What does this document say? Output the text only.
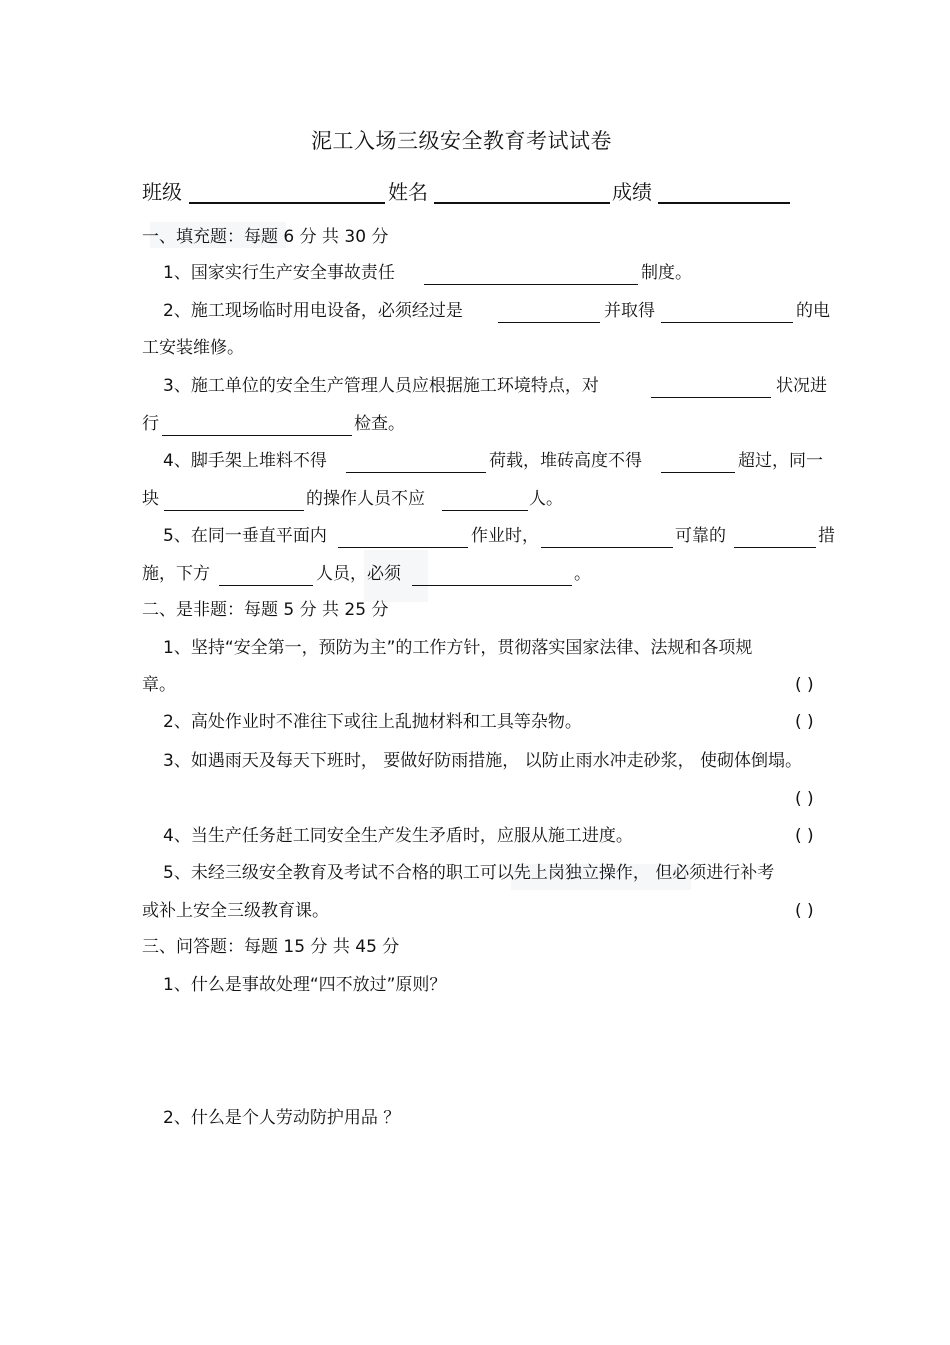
泥工入场三级安全教育考试试卷
班级	姓名	成绩
一、填充题：每题 6 分 共 30 分
1、国家实行生产安全事故责任	制度。
2、施工现场临时用电设备，必须经过是	并取得	的电
工安装维修。
3、施工单位的安全生产管理人员应根据施工环境特点，对	状况进
行	检查。
4、脚手架上堆料不得	荷载，堆砖高度不得	超过，同一
块	的操作人员不应	人。
5、在同一垂直平面内	作业时，	可靠的	措
施，下方	人员，必须	。
二、是非题：每题 5 分 共 25 分
1、坚持“安全第一，预防为主”的工作方针，贯彻落实国家法律、法规和各项规
章。	( )
2、高处作业时不准往下或往上乱抛材料和工具等杂物。	( )
3、如遇雨天及每天下班时， 要做好防雨措施， 以防止雨水冲走砂浆， 使砌体倒塌。
( )
4、当生产任务赶工同安全生产发生矛盾时，应服从施工进度。	( )
5、未经三级安全教育及考试不合格的职工可以先上岗独立操作， 但必须进行补考
或补上安全三级教育课。	( )
三、问答题：每题 15 分 共 45 分
1、什么是事故处理“四不放过”原则？
2、什么是个人劳动防护用品 ？
